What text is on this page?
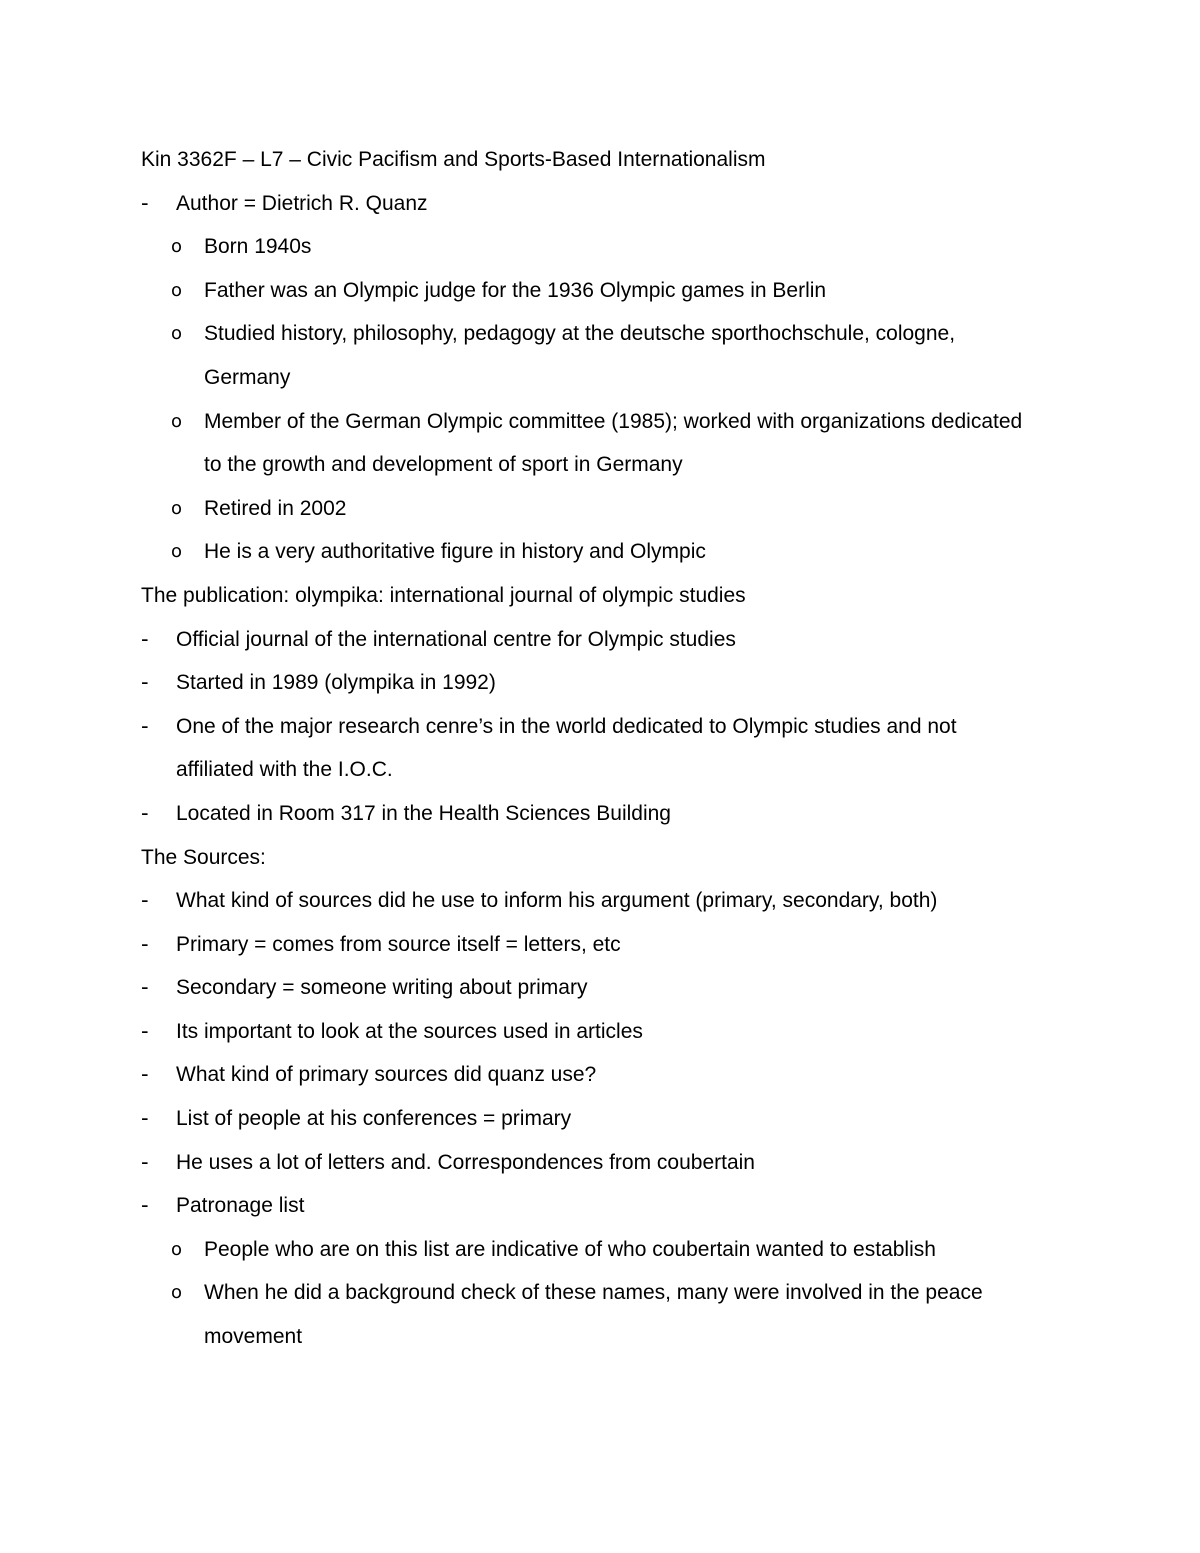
Kin 3362F – L7 – Civic Pacifism and Sports-Based Internationalism
- Author = Dietrich R. Quanz
o Born 1940s
o Father was an Olympic judge for the 1936 Olympic games in Berlin
o Studied history, philosophy, pedagogy at the deutsche sporthochschule, cologne,
Germany
o Member of the German Olympic committee (1985); worked with organizations dedicated
to the growth and development of sport in Germany
o Retired in 2002
o He is a very authoritative figure in history and Olympic
The publication: olympika: international journal of olympic studies
- Official journal of the international centre for Olympic studies
- Started in 1989 (olympika in 1992)
- One of the major research cenre’s in the world dedicated to Olympic studies and not
affiliated with the I.O.C.
- Located in Room 317 in the Health Sciences Building
The Sources:
- What kind of sources did he use to inform his argument (primary, secondary, both)
- Primary = comes from source itself = letters, etc
- Secondary = someone writing about primary
- Its important to look at the sources used in articles
- What kind of primary sources did quanz use?
- List of people at his conferences = primary
- He uses a lot of letters and. Correspondences from coubertain
- Patronage list
o People who are on this list are indicative of who coubertain wanted to establish
o When he did a background check of these names, many were involved in the peace
movement
